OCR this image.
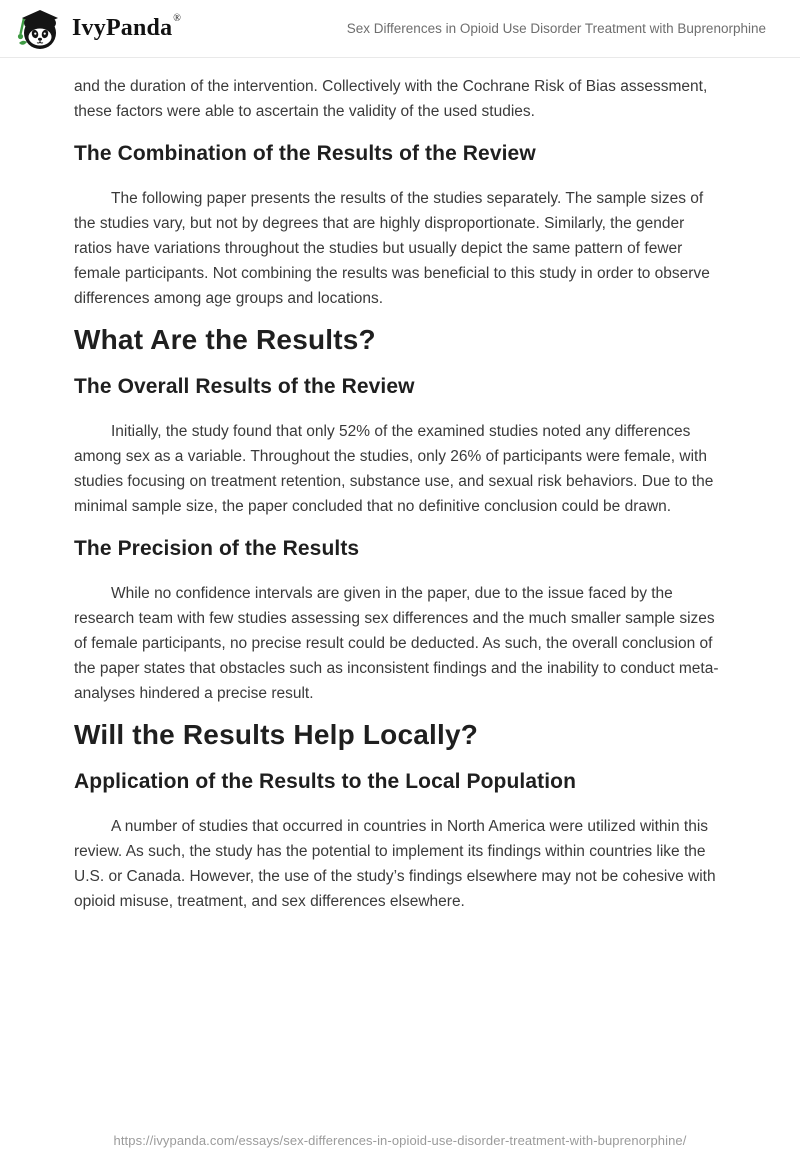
IvyPanda®
Sex Differences in Opioid Use Disorder Treatment with Buprenorphine

and the duration of the intervention. Collectively with the Cochrane Risk of Bias assessment, these factors were able to ascertain the validity of the used studies.

The Combination of the Results of the Review

The following paper presents the results of the studies separately. The sample sizes of the studies vary, but not by degrees that are highly disproportionate. Similarly, the gender ratios have variations throughout the studies but usually depict the same pattern of fewer female participants. Not combining the results was beneficial to this study in order to observe differences among age groups and locations.

What Are the Results?
The Overall Results of the Review

Initially, the study found that only 52% of the examined studies noted any differences among sex as a variable. Throughout the studies, only 26% of participants were female, with studies focusing on treatment retention, substance use, and sexual risk behaviors. Due to the minimal sample size, the paper concluded that no definitive conclusion could be drawn.

The Precision of the Results

While no confidence intervals are given in the paper, due to the issue faced by the research team with few studies assessing sex differences and the much smaller sample sizes of female participants, no precise result could be deducted. As such, the overall conclusion of the paper states that obstacles such as inconsistent findings and the inability to conduct meta-analyses hindered a precise result.

Will the Results Help Locally?
Application of the Results to the Local Population

A number of studies that occurred in countries in North America were utilized within this review. As such, the study has the potential to implement its findings within countries like the U.S. or Canada. However, the use of the study’s findings elsewhere may not be cohesive with opioid misuse, treatment, and sex differences elsewhere.

https://ivypanda.com/essays/sex-differences-in-opioid-use-disorder-treatment-with-buprenorphine/
